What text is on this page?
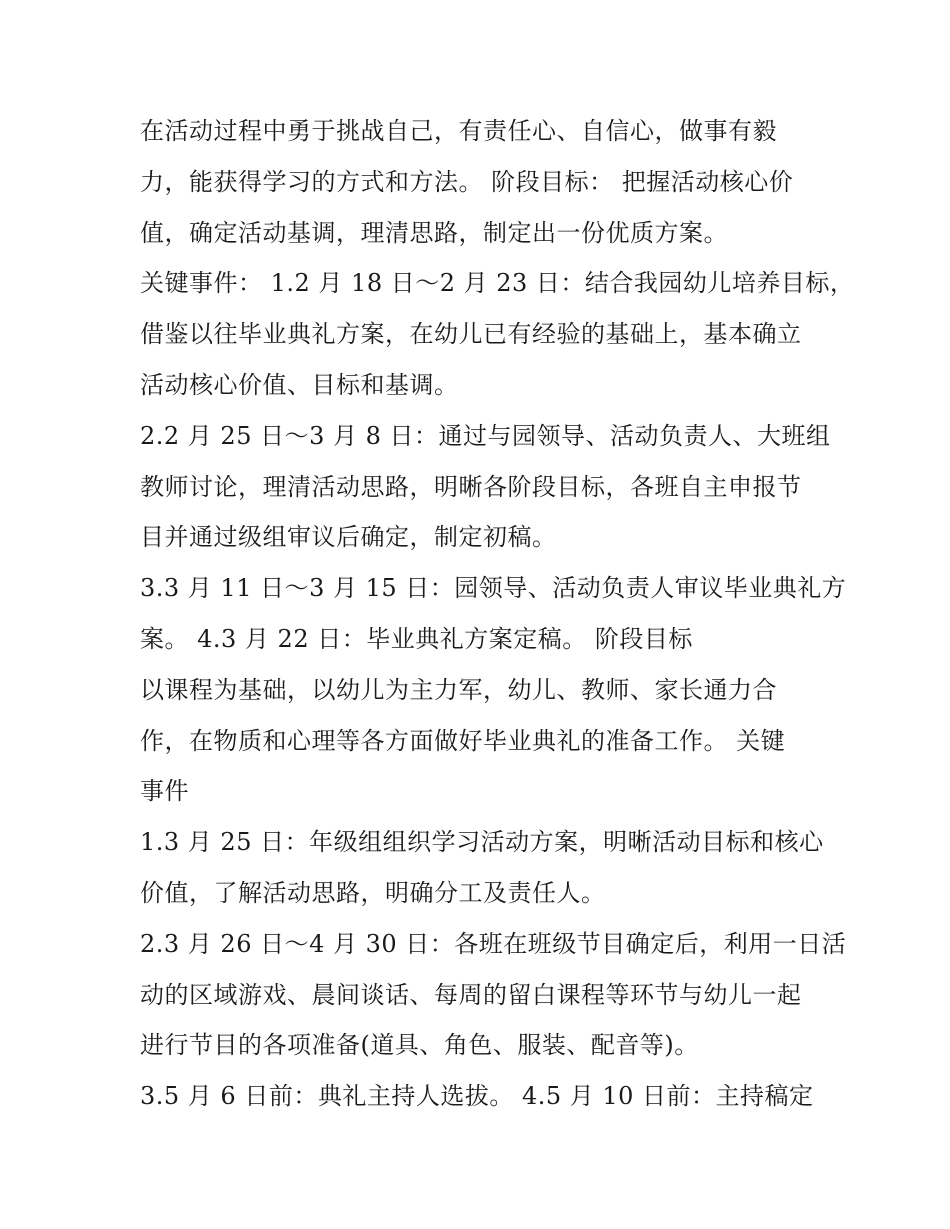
在活动过程中勇于挑战自己，有责任心、自信心，做事有毅
力，能获得学习的方式和方法。 阶段目标： 把握活动核心价
值，确定活动基调，理清思路，制定出一份优质方案。
关键事件： 1.2 月 18 日～2 月 23 日：结合我园幼儿培养目标，
借鉴以往毕业典礼方案，在幼儿已有经验的基础上，基本确立
活动核心价值、目标和基调。
2.2 月 25 日～3 月 8 日：通过与园领导、活动负责人、大班组
教师讨论，理清活动思路，明晰各阶段目标，各班自主申报节
目并通过级组审议后确定，制定初稿。
3.3 月 11 日～3 月 15 日：园领导、活动负责人审议毕业典礼方
案。 4.3 月 22 日：毕业典礼方案定稿。 阶段目标
以课程为基础，以幼儿为主力军，幼儿、教师、家长通力合
作，在物质和心理等各方面做好毕业典礼的准备工作。 关键
事件
1.3 月 25 日：年级组组织学习活动方案，明晰活动目标和核心
价值，了解活动思路，明确分工及责任人。
2.3 月 26 日～4 月 30 日：各班在班级节目确定后，利用一日活
动的区域游戏、晨间谈话、每周的留白课程等环节与幼儿一起
进行节目的各项准备(道具、角色、服装、配音等)。
3.5 月 6 日前：典礼主持人选拔。 4.5 月 10 日前：主持稿定
